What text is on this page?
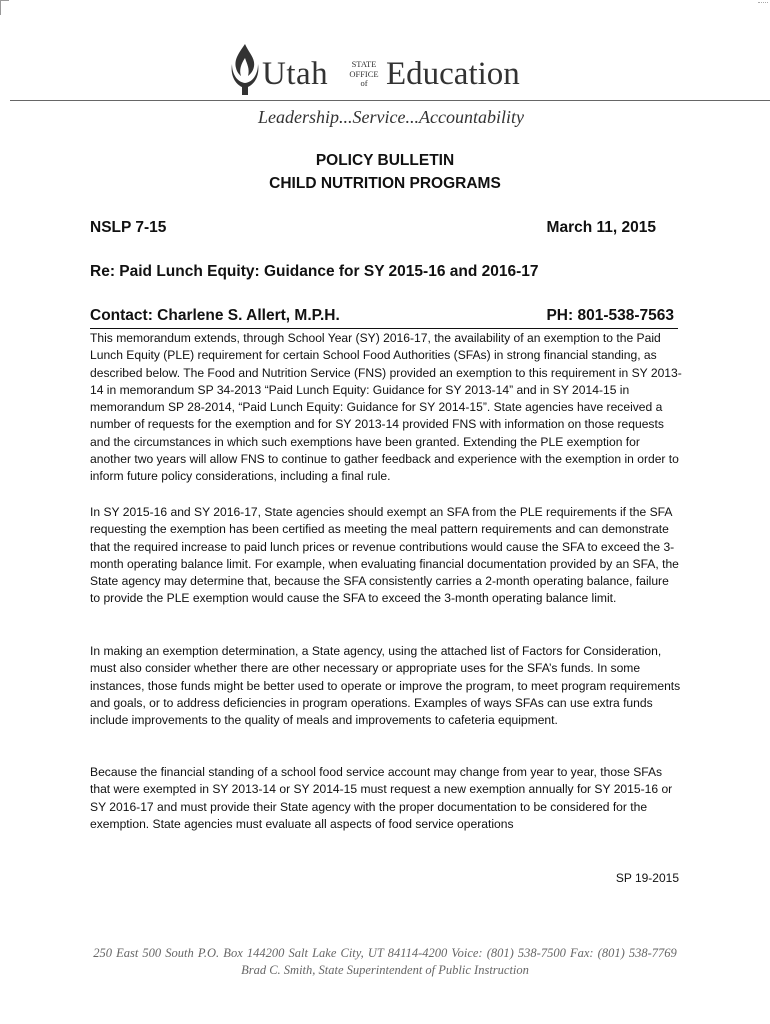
Utah	STATE
OFFICE
of Education
Leadership...Service...Accountability
POLICY BULLETIN
CHILD NUTRITION PROGRAMS
NSLP 7-15	March 11, 2015
Re: Paid Lunch Equity: Guidance for SY 2015-16 and 2016-17
Contact: Charlene S. Allert, M.P.H.	PH: 801-538-7563

This memorandum extends, through School Year (SY) 2016-17, the availability of an exemption to the Paid Lunch Equity (PLE) requirement for certain School Food Authorities (SFAs) in strong financial standing, as described below. The Food and Nutrition Service (FNS) provided an exemption to this requirement in SY 2013-14 in memorandum SP 34-2013 “Paid Lunch Equity: Guidance for SY 2013-14” and in SY 2014-15 in memorandum SP 28-2014, “Paid Lunch Equity: Guidance for SY 2014-15”. State agencies have received a number of requests for the exemption and for SY 2013-14 provided FNS with information on those requests and the circumstances in which such exemptions have been granted. Extending the PLE exemption for another two years will allow FNS to continue to gather feedback and experience with the exemption in order to inform future policy considerations, including a final rule.

In SY 2015-16 and SY 2016-17, State agencies should exempt an SFA from the PLE requirements if the SFA requesting the exemption has been certified as meeting the meal pattern requirements and can demonstrate that the required increase to paid lunch prices or revenue contributions would cause the SFA to exceed the 3-month operating balance limit. For example, when evaluating financial documentation provided by an SFA, the State agency may determine that, because the SFA consistently carries a 2-month operating balance, failure to provide the PLE exemption would cause the SFA to exceed the 3-month operating balance limit.

In making an exemption determination, a State agency, using the attached list of Factors for Consideration, must also consider whether there are other necessary or appropriate uses for the SFA’s funds. In some instances, those funds might be better used to operate or improve the program, to meet program requirements and goals, or to address deficiencies in program operations. Examples of ways SFAs can use extra funds include improvements to the quality of meals and improvements to cafeteria equipment.

Because the financial standing of a school food service account may change from year to year, those SFAs that were exempted in SY 2013-14 or SY 2014-15 must request a new exemption annually for SY 2015-16 or SY 2016-17 and must provide their State agency with the proper documentation to be considered for the exemption. State agencies must evaluate all aspects of food service operations

SP 19-2015
250 East 500 South P.O. Box 144200 Salt Lake City, UT 84114-4200 Voice: (801) 538-7500 Fax: (801) 538-7769
Brad C. Smith, State Superintendent of Public Instruction
